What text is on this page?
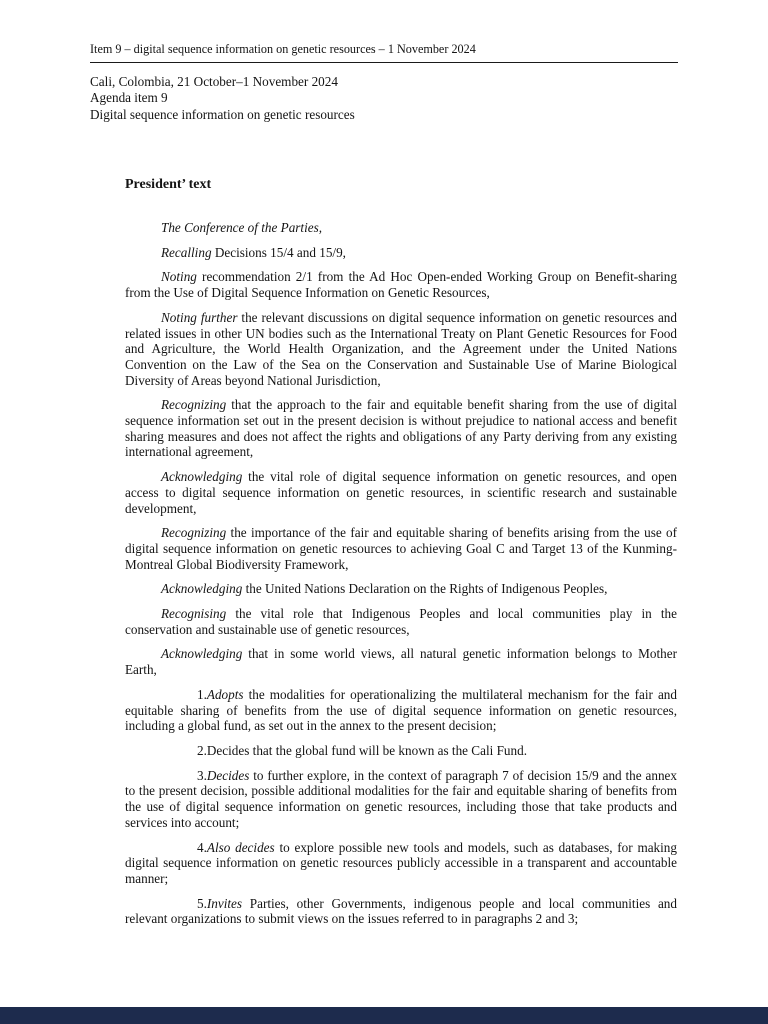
Item 9 – digital sequence information on genetic resources – 1 November 2024
Cali, Colombia, 21 October–1 November 2024
Agenda item 9
Digital sequence information on genetic resources
President’ text

The Conference of the Parties,

Recalling Decisions 15/4 and 15/9,

Noting recommendation 2/1 from the Ad Hoc Open-ended Working Group on Benefit-sharing from the Use of Digital Sequence Information on Genetic Resources,

Noting further the relevant discussions on digital sequence information on genetic resources and related issues in other UN bodies such as the International Treaty on Plant Genetic Resources for Food and Agriculture, the World Health Organization, and the Agreement under the United Nations Convention on the Law of the Sea on the Conservation and Sustainable Use of Marine Biological Diversity of Areas beyond National Jurisdiction,

Recognizing that the approach to the fair and equitable benefit sharing from the use of digital sequence information set out in the present decision is without prejudice to national access and benefit sharing measures and does not affect the rights and obligations of any Party deriving from any existing international agreement,

Acknowledging the vital role of digital sequence information on genetic resources, and open access to digital sequence information on genetic resources, in scientific research and sustainable development,

Recognizing the importance of the fair and equitable sharing of benefits arising from the use of digital sequence information on genetic resources to achieving Goal C and Target 13 of the Kunming-Montreal Global Biodiversity Framework,

Acknowledging the United Nations Declaration on the Rights of Indigenous Peoples,

Recognising the vital role that Indigenous Peoples and local communities play in the conservation and sustainable use of genetic resources,

Acknowledging that in some world views, all natural genetic information belongs to Mother Earth,

1.Adopts the modalities for operationalizing the multilateral mechanism for the fair and equitable sharing of benefits from the use of digital sequence information on genetic resources, including a global fund, as set out in the annex to the present decision;

2.Decides that the global fund will be known as the Cali Fund.

3.Decides to further explore, in the context of paragraph 7 of decision 15/9 and the annex to the present decision, possible additional modalities for the fair and equitable sharing of benefits from the use of digital sequence information on genetic resources, including those that take products and services into account;

4.Also decides to explore possible new tools and models, such as databases, for making digital sequence information on genetic resources publicly accessible in a transparent and accountable manner;

5.Invites Parties, other Governments, indigenous people and local communities and relevant organizations to submit views on the issues referred to in paragraphs 2 and 3;
